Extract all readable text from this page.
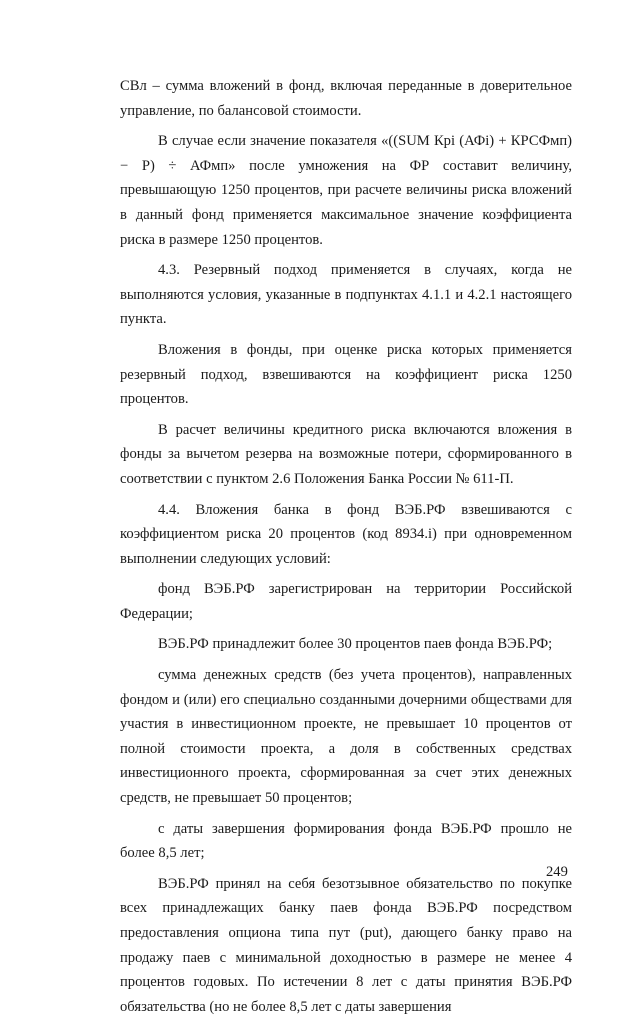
СВл – сумма вложений в фонд, включая переданные в доверительное управление, по балансовой стоимости.

В случае если значение показателя «((SUM Кpi (АФi) + КРСФмп) − Р) ÷ АФмп» после умножения на ФР составит величину, превышающую 1250 процентов, при расчете величины риска вложений в данный фонд применяется максимальное значение коэффициента риска в размере 1250 процентов.

4.3. Резервный подход применяется в случаях, когда не выполняются условия, указанные в подпунктах 4.1.1 и 4.2.1 настоящего пункта.

Вложения в фонды, при оценке риска которых применяется резервный подход, взвешиваются на коэффициент риска 1250 процентов.

В расчет величины кредитного риска включаются вложения в фонды за вычетом резерва на возможные потери, сформированного в соответствии с пунктом 2.6 Положения Банка России № 611-П.

4.4. Вложения банка в фонд ВЭБ.РФ взвешиваются с коэффициентом риска 20 процентов (код 8934.i) при одновременном выполнении следующих условий:

фонд ВЭБ.РФ зарегистрирован на территории Российской Федерации;

ВЭБ.РФ принадлежит более 30 процентов паев фонда ВЭБ.РФ;

сумма денежных средств (без учета процентов), направленных фондом и (или) его специально созданными дочерними обществами для участия в инвестиционном проекте, не превышает 10 процентов от полной стоимости проекта, а доля в собственных средствах инвестиционного проекта, сформированная за счет этих денежных средств, не превышает 50 процентов;

с даты завершения формирования фонда ВЭБ.РФ прошло не более 8,5 лет;

ВЭБ.РФ принял на себя безотзывное обязательство по покупке всех принадлежащих банку паев фонда ВЭБ.РФ посредством предоставления опциона типа пут (put), дающего банку право на продажу паев с минимальной доходностью в размере не менее 4 процентов годовых. По истечении 8 лет с даты принятия ВЭБ.РФ обязательства (но не более 8,5 лет с даты завершения

249
